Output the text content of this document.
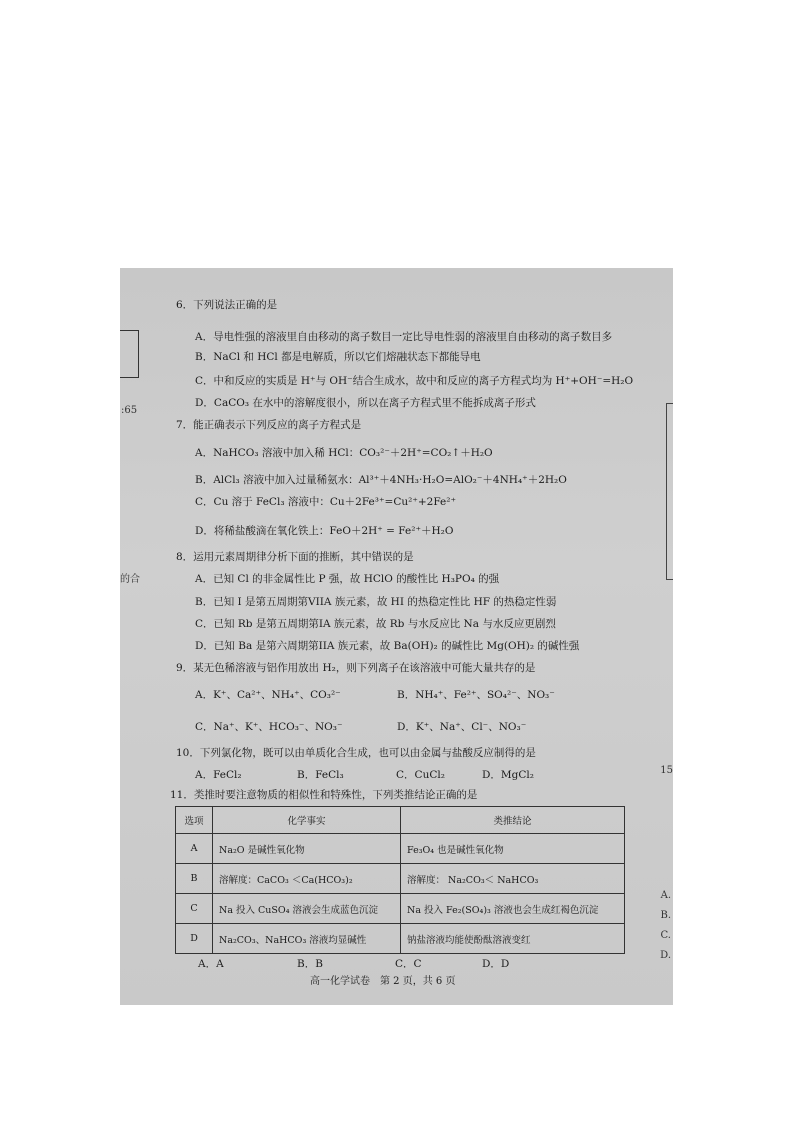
:65
的合
15
A.
B.
C.
D.
6．下列说法正确的是
A．导电性强的溶液里自由移动的离子数目一定比导电性弱的溶液里自由移动的离子数目多
B．NaCl 和 HCl 都是电解质，所以它们熔融状态下都能导电
C．中和反应的实质是 H⁺与 OH⁻结合生成水，故中和反应的离子方程式均为 H⁺+OH⁻=H₂O
D．CaCO₃ 在水中的溶解度很小，所以在离子方程式里不能拆成离子形式
7．能正确表示下列反应的离子方程式是
A．NaHCO₃ 溶液中加入稀 HCl：CO₃²⁻＋2H⁺=CO₂↑＋H₂O
B．AlCl₃ 溶液中加入过量稀氨水：Al³⁺＋4NH₃·H₂O=AlO₂⁻＋4NH₄⁺＋2H₂O
C．Cu 溶于 FeCl₃ 溶液中：Cu＋2Fe³⁺=Cu²⁺+2Fe²⁺
D．将稀盐酸滴在氧化铁上：FeO＋2H⁺ = Fe²⁺＋H₂O
8．运用元素周期律分析下面的推断，其中错误的是
A．已知 Cl 的非金属性比 P 强，故 HClO 的酸性比 H₃PO₄ 的强
B．已知 I 是第五周期第VIIA 族元素，故 HI 的热稳定性比 HF 的热稳定性弱
C．已知 Rb 是第五周期第IA 族元素，故 Rb 与水反应比 Na 与水反应更剧烈
D．已知 Ba 是第六周期第IIA 族元素，故 Ba(OH)₂ 的碱性比 Mg(OH)₂ 的碱性强
9．某无色稀溶液与铝作用放出 H₂，则下列离子在该溶液中可能大量共存的是
A．K⁺、Ca²⁺、NH₄⁺、CO₃²⁻	B．NH₄⁺、Fe²⁺、SO₄²⁻、NO₃⁻
C．Na⁺、K⁺、HCO₃⁻、NO₃⁻	D．K⁺、Na⁺、Cl⁻、NO₃⁻
10．下列氯化物，既可以由单质化合生成，也可以由金属与盐酸反应制得的是
A．FeCl₂	B．FeCl₃	C．CuCl₂	D．MgCl₂
11．类推时要注意物质的相似性和特殊性，下列类推结论正确的是
选项	化学事实	类推结论
A	Na₂O 是碱性氧化物	Fe₃O₄ 也是碱性氧化物
B	溶解度：CaCO₃ ＜Ca(HCO₃)₂	溶解度： Na₂CO₃＜ NaHCO₃
C	Na 投入 CuSO₄ 溶液会生成蓝色沉淀	Na 投入 Fe₂(SO₄)₃ 溶液也会生成红褐色沉淀
D	Na₂CO₃、NaHCO₃ 溶液均显碱性	钠盐溶液均能使酚酞溶液变红
A．A	B．B	C．C	D．D
高一化学试卷　第 2 页，共 6 页
